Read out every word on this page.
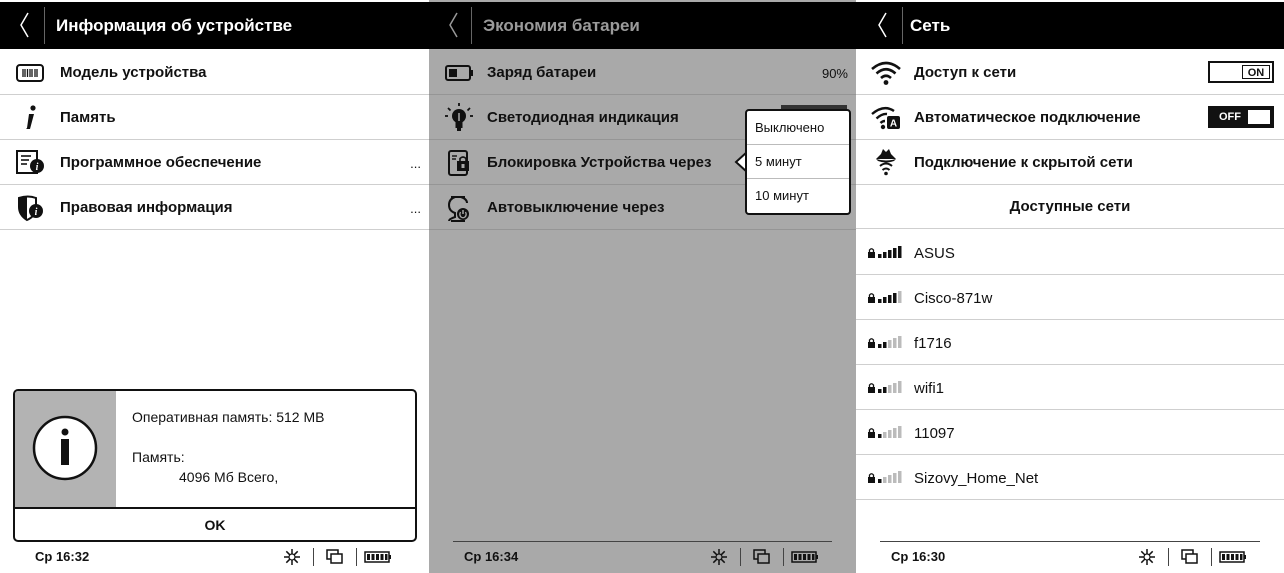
Информация об устройстве
Модель устройства
Память
i Программное обеспечение	...
i Правовая информация	...
Оперативная память: 512 MB
Память:
4096 Мб Всего,
OK
Ср 16:32
Экономия батареи
Заряд батареи	90%
Светодиодная индикация
Блокировка Устройства через
Автовыключение через
Выключено
5 минут
10 минут
Ср 16:34
Сеть
Доступ к сети	ON
A Автоматическое подключение	OFF
Подключение к скрытой сети
Доступные сети
ASUS
Cisco-871w
f1716
wifi1
11097
Sizovy_Home_Net
Ср 16:30
